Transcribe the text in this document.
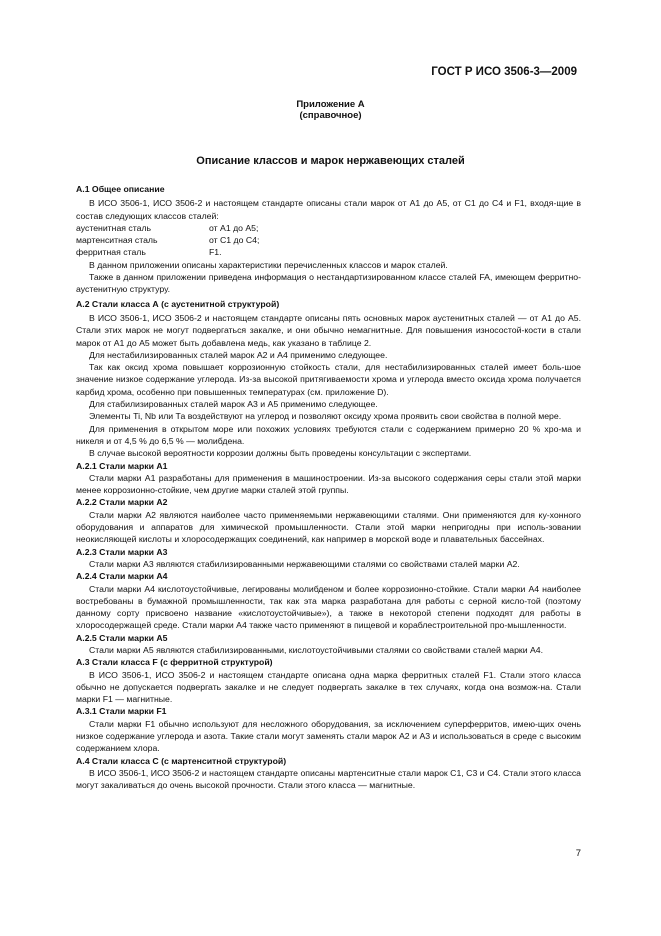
ГОСТ Р ИСО 3506-3—2009
Приложение А
(справочное)
Описание классов и марок нержавеющих сталей
А.1 Общее описание

В ИСО 3506-1, ИСО 3506-2 и настоящем стандарте описаны стали марок от А1 до А5, от С1 до С4 и F1, входя-щие в состав следующих классов сталей:

аустенитная сталь	от А1 до А5;
мартенситная сталь	от С1 до С4;
ферритная сталь	F1.

В данном приложении описаны характеристики перечисленных классов и марок сталей.

Также в данном приложении приведена информация о нестандартизированном классе сталей FA, имеющем ферритно-аустенитную структуру.

А.2 Стали класса А (с аустенитной структурой)

В ИСО 3506-1, ИСО 3506-2 и настоящем стандарте описаны пять основных марок аустенитных сталей — от А1 до А5. Стали этих марок не могут подвергаться закалке, и они обычно немагнитные. Для повышения износостой-кости в стали марок от А1 до А5 может быть добавлена медь, как указано в таблице 2.

Для нестабилизированных сталей марок А2 и А4 применимо следующее.

Так как оксид хрома повышает коррозионную стойкость стали, для нестабилизированных сталей имеет боль-шое значение низкое содержание углерода. Из-за высокой притягиваемости хрома и углерода вместо оксида хрома получается карбид хрома, особенно при повышенных температурах (см. приложение D).

Для стабилизированных сталей марок А3 и А5 применимо следующее.

Элементы Ti, Nb или Та воздействуют на углерод и позволяют оксиду хрома проявить свои свойства в полной мере.

Для применения в открытом море или похожих условиях требуются стали с содержанием примерно 20 % хро-ма и никеля и от 4,5 % до 6,5 % — молибдена.

В случае высокой вероятности коррозии должны быть проведены консультации с экспертами.

А.2.1 Стали марки А1

Стали марки А1 разработаны для применения в машиностроении. Из-за высокого содержания серы стали этой марки менее коррозионно-стойкие, чем другие марки сталей этой группы.

А.2.2 Стали марки А2

Стали марки А2 являются наиболее часто применяемыми нержавеющими сталями. Они применяются для ку-хонного оборудования и аппаратов для химической промышленности. Стали этой марки непригодны при исполь-зовании неокисляющей кислоты и хлоросодержащих соединений, как например в морской воде и плавательных бассейнах.

А.2.3 Стали марки А3

Стали марки А3 являются стабилизированными нержавеющими сталями со свойствами сталей марки А2.

А.2.4 Стали марки А4

Стали марки А4 кислотоустойчивые, легированы молибденом и более коррозионно-стойкие. Стали марки А4 наиболее востребованы в бумажной промышленности, так как эта марка разработана для работы с серной кисло-той (поэтому данному сорту присвоено название «кислотоустойчивые»), а также в некоторой степени подходят для работы в хлоросодержащей среде. Стали марки А4 также часто применяют в пищевой и кораблестроительной про-мышленности.

А.2.5 Стали марки А5

Стали марки А5 являются стабилизированными, кислотоустойчивыми сталями со свойствами сталей марки А4.

А.3 Стали класса F (с ферритной структурой)

В ИСО 3506-1, ИСО 3506-2 и настоящем стандарте описана одна марка ферритных сталей F1. Стали этого класса обычно не допускается подвергать закалке и не следует подвергать закалке в тех случаях, когда она возмож-на. Стали марки F1 — магнитные.

А.3.1 Стали марки F1

Стали марки F1 обычно используют для несложного оборудования, за исключением суперферритов, имею-щих очень низкое содержание углерода и азота. Такие стали могут заменять стали марок А2 и А3 и использоваться в среде с высоким содержанием хлора.

А.4 Стали класса С (с мартенситной структурой)

В ИСО 3506-1, ИСО 3506-2 и настоящем стандарте описаны мартенситные стали марок С1, С3 и С4. Стали этого класса могут закаливаться до очень высокой прочности. Стали этого класса — магнитные.

7
